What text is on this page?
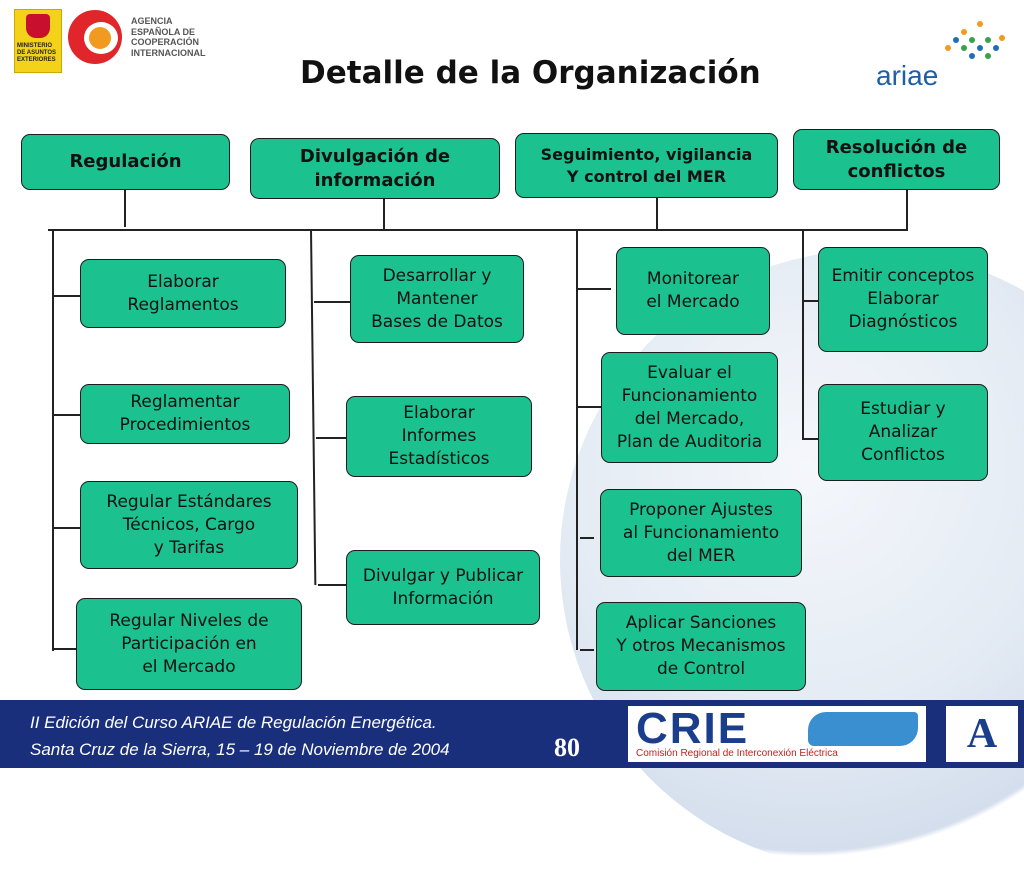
MINISTERIO
DE ASUNTOS
EXTERIORES
AGENCIA
ESPAÑOLA DE
COOPERACIÓN
INTERNACIONAL
Detalle de la Organización	ariae
Regulación	Divulgación de
información
Seguimiento, vigilancia
Y control del MER
Resolución de
conflictos
Elaborar
Reglamentos
Reglamentar
Procedimientos
Regular Estándares
Técnicos, Cargo
y Tarifas
Regular Niveles de
Participación en
el Mercado
Desarrollar y
Mantener
Bases de Datos
Elaborar
Informes
Estadísticos
Divulgar y Publicar
Información
Monitorear
el Mercado
Evaluar el
Funcionamiento
del Mercado,
Plan de Auditoria
Proponer Ajustes
al Funcionamiento
del MER
Aplicar Sanciones
Y otros Mecanismos
de Control
Emitir conceptos
Elaborar
Diagnósticos
Estudiar y
Analizar
Conflictos
II Edición del Curso ARIAE de Regulación Energética.
Santa Cruz de la Sierra, 15 – 19 de Noviembre de 2004	80 CRIE
Comisión Regional de Interconexión Eléctrica	A
